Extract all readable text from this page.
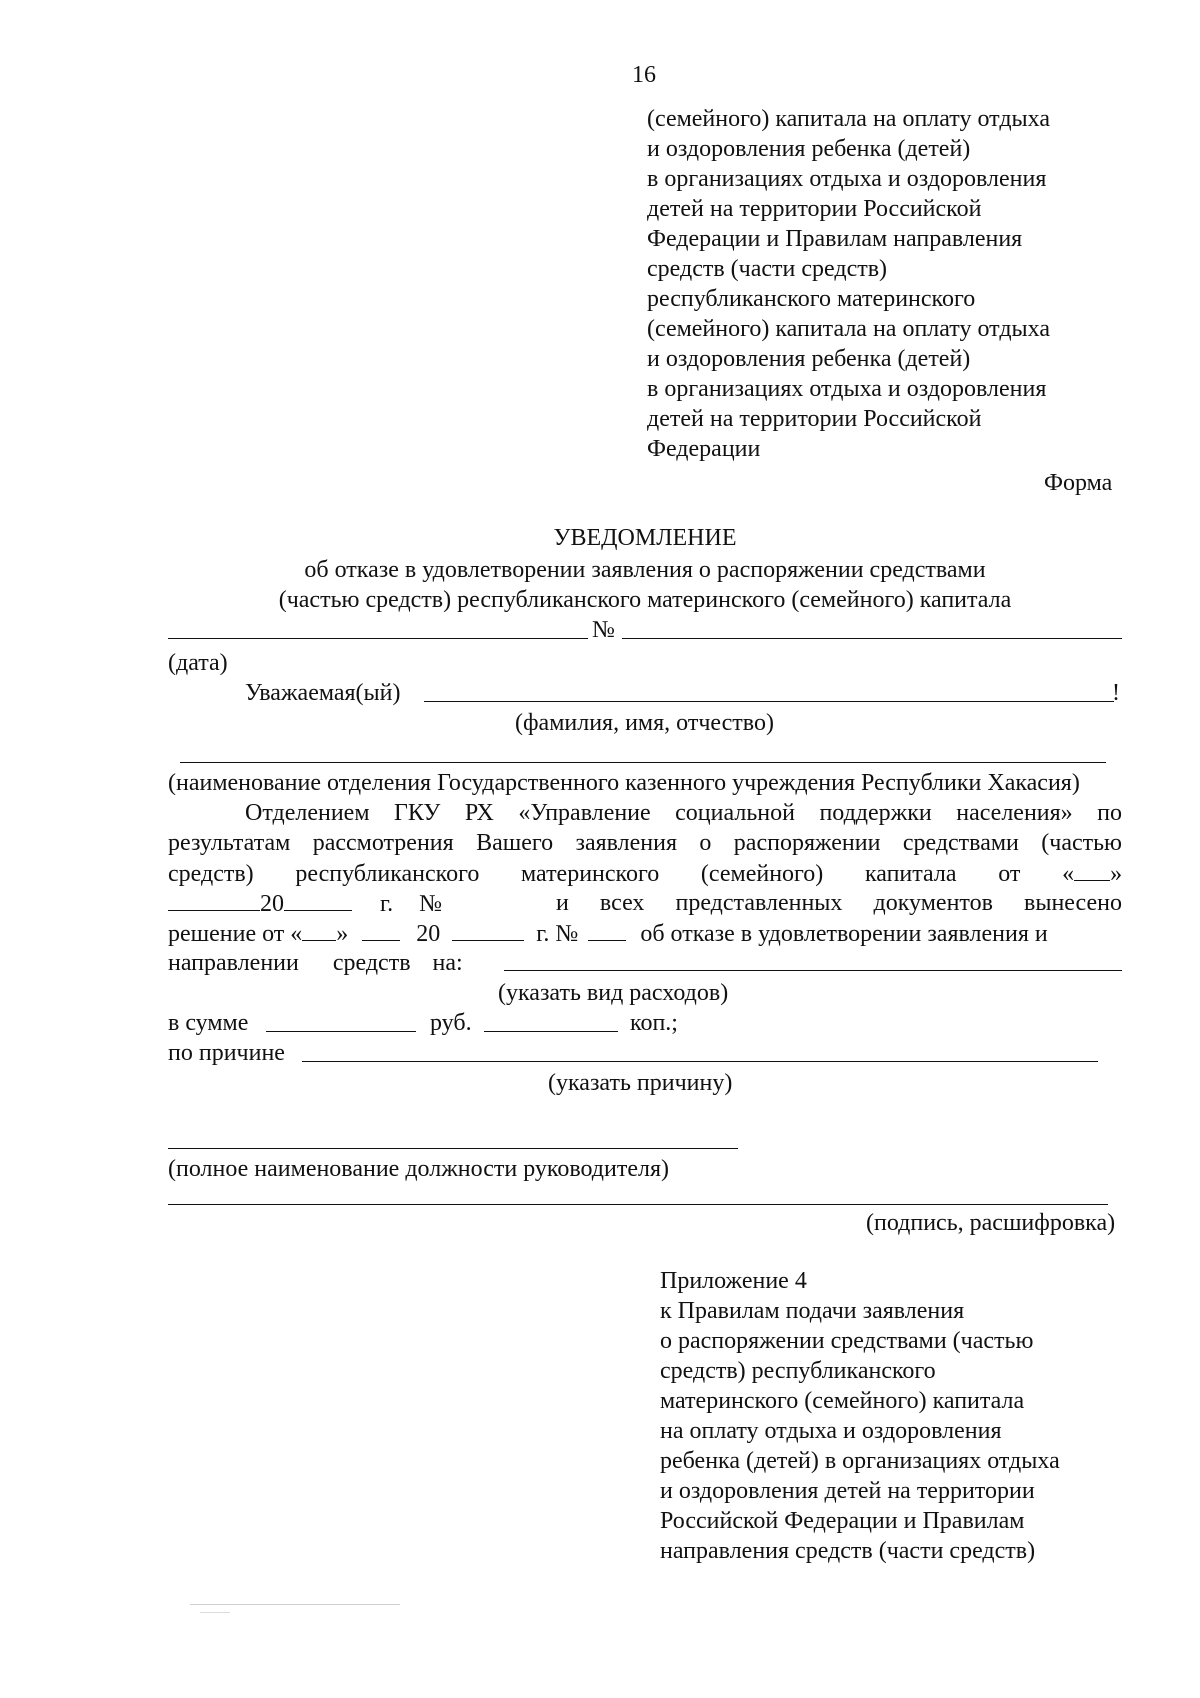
16
(семейного) капитала на оплату отдыха
и оздоровления ребенка (детей)
в организациях отдыха и оздоровления
детей на территории Российской
Федерации и Правилам направления
средств (части средств)
республиканского материнского
(семейного) капитала на оплату отдыха
и оздоровления ребенка (детей)
в организациях отдыха и оздоровления
детей на территории Российской
Федерации
Форма
УВЕДОМЛЕНИЕ
об отказе в удовлетворении заявления о распоряжении средствами
(частью средств) республиканского материнского (семейного) капитала
№
(дата)
Уважаемая(ый)	!
(фамилия, имя, отчество)
(наименование отделения Государственного казенного учреждения Республики Хакасия)
Отделением ГКУ РХ «Управление социальной поддержки населения» по
результатам рассмотрения Вашего заявления о распоряжении средствами (частью
средств) республиканского материнского (семейного) капитала от « »
20	г. №	и всех представленных документов вынесено
решение от « »	20	г. №	об отказе в удовлетворении заявления и
направлении средств на:
(указать вид расходов)
в сумме	руб.	коп.;
по причине
(указать причину)
(полное наименование должности руководителя)
(подпись, расшифровка)
Приложение 4
к Правилам подачи заявления
о распоряжении средствами (частью
средств) республиканского
материнского (семейного) капитала
на оплату отдыха и оздоровления
ребенка (детей) в организациях отдыха
и оздоровления детей на территории
Российской Федерации и Правилам
направления средств (части средств)
